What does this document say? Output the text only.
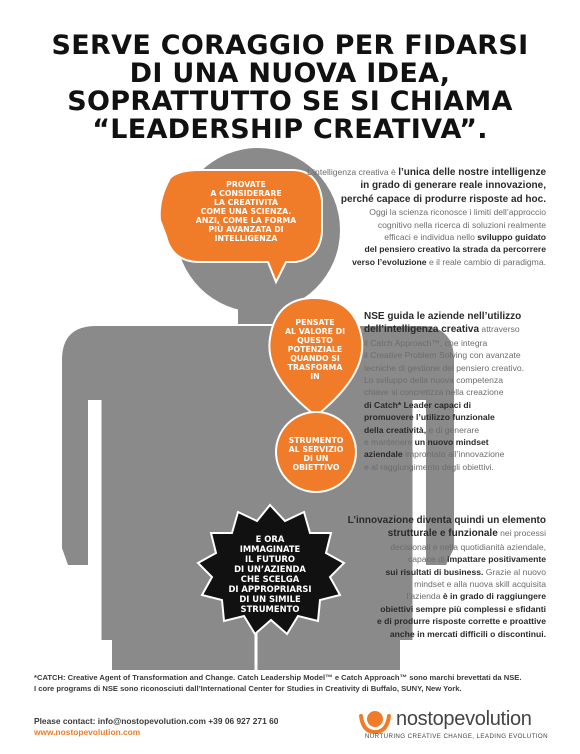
SERVE CORAGGIO PER FIDARSI
DI UNA NUOVA IDEA,
SOPRATTUTTO SE SI CHIAMA
“LEADERSHIP CREATIVA”.
PROVATE
A CONSIDERARE
LA CREATIVITÀ
COME UNA SCIENZA.
ANZI, COME LA FORMA
PIÙ AVANZATA DI
INTELLIGENZA
PENSATE
AL VALORE DI
QUESTO
POTENZIALE
QUANDO SI
TRASFORMA
IN
STRUMENTO
AL SERVIZIO
DI UN
OBIETTIVO
E ORA
IMMAGINATE
IL FUTURO
DI UN’AZIENDA
CHE SCELGA
DI APPROPRIARSI
DI UN SIMILE
STRUMENTO
L’intelligenza creativa è l’unica delle nostre intelligenze
in grado di generare reale innovazione,
perché capace di produrre risposte ad hoc.
Oggi la scienza riconosce i limiti dell’approccio
cognitivo nella ricerca di soluzioni realmente
efficaci e individua nello sviluppo guidato
del pensiero creativo la strada da percorrere
verso l’evoluzione e il reale cambio di paradigma.
NSE guida le aziende nell’utilizzo
dell’intelligenza creativa attraverso
il Catch Approach™, che integra
il Creative Problem Solving con avanzate
tecniche di gestione del pensiero creativo.
Lo sviluppo della nuova competenza
chiave si concretizza nella creazione
di Catch* Leader capaci di
promuovere l’utilizzo funzionale
della creatività, e di generare
e mantenere un nuovo mindset
aziendale improntato all’innovazione
e al raggiungimento degli obiettivi.
L’innovazione diventa quindi un elemento
strutturale e funzionale nei processi
decisionali e nella quotidianità aziendale,
capace di impattare positivamente
sui risultati di business. Grazie al nuovo
mindset e alla nuova skill acquisita
l’azienda è in grado di raggiungere
obiettivi sempre più complessi e sfidanti
e di produrre risposte corrette e proattive
anche in mercati difficili o discontinui.
*CATCH: Creative Agent of Transformation and Change. Catch Leadership Model™ e Catch Approach™ sono marchi brevettati da NSE.
I core programs di NSE sono riconosciuti dall’International Center for Studies in Creativity di Buffalo, SUNY, New York.
Please contact: info@nostopevolution.com +39 06 927 271 60
www.nostopevolution.com
nostopevolution
NURTURING CREATIVE CHANGE, LEADING EVOLUTION
